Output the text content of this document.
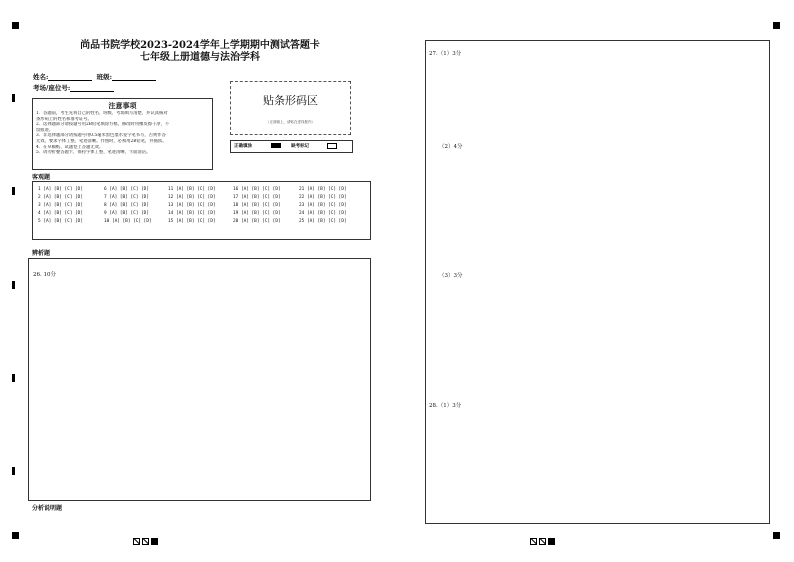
尚品书院学校2023-2024学年上学期期中测试答题卡
七年级上册道德与法治学科
姓名:	班级:
考场/座位号:
注意事项
1．答题前，考生先将自己的姓名、班级、考场填写清楚，并认真核对
条形码上的姓名和准考证号。
2．选择题部分请按题号用2B铅笔填涂方框，修改时用橡皮擦干净，不
留痕迹。
3．非选择题部分请按题号用0.5毫米黑色墨水签字笔书写，否则作答
无效。要求字体工整、笔迹清晰。作图时，必须用2B铅笔，并描浓。
4．在草稿纸、试题卷上答题无效。
5．请勿折叠答题卡，保持字体工整、笔迹清晰、卡面清洁。
贴条形码区
（正面朝上，请贴在虚线框内）
正确填涂	缺考标记
客观题
1 [A] [B] [C] [D]
2 [A] [B] [C] [D]
3 [A] [B] [C] [D]
4 [A] [B] [C] [D]
5 [A] [B] [C] [D]
6 [A] [B] [C] [D]
7 [A] [B] [C] [D]
8 [A] [B] [C] [D]
9 [A] [B] [C] [D]
10 [A] [B] [C] [D]
11 [A] [B] [C] [D]
12 [A] [B] [C] [D]
13 [A] [B] [C] [D]
14 [A] [B] [C] [D]
15 [A] [B] [C] [D]
16 [A] [B] [C] [D]
17 [A] [B] [C] [D]
18 [A] [B] [C] [D]
19 [A] [B] [C] [D]
20 [A] [B] [C] [D]
21 [A] [B] [C] [D]
22 [A] [B] [C] [D]
23 [A] [B] [C] [D]
24 [A] [B] [C] [D]
25 [A] [B] [C] [D]
辨析题
26. 10分
分析说明题
27.（1）3分
（2）4分
（3）3分
28.（1）3分
